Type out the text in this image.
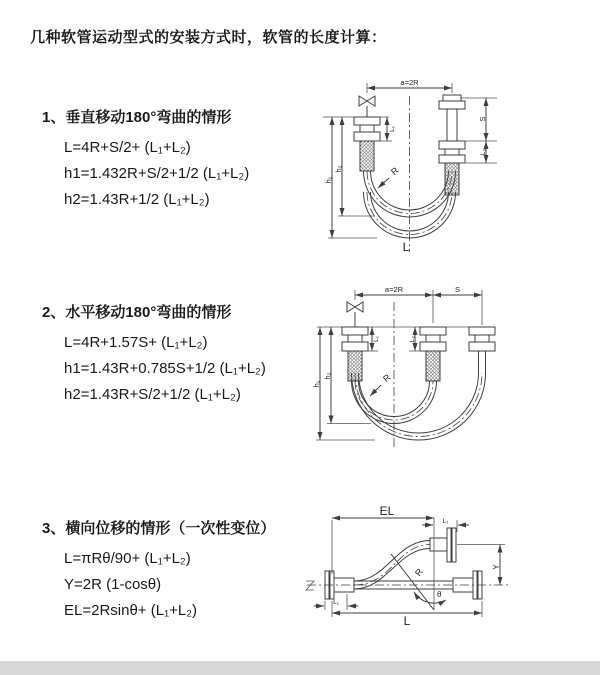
几种软管运动型式的安装方式时，软管的长度计算：
1、垂直移动180°弯曲的情形
L=4R+S/2+ (L₁+L₂)
h1=1.432R+S/2+1/2 (L₁+L₂)
h2=1.43R+1/2 (L₁+L₂)
2、水平移动180°弯曲的情形
L=4R+1.57S+ (L₁+L₂)
h1=1.43R+0.785S+1/2 (L₁+L₂)
h2=1.43R+S/2+1/2 (L₁+L₂)
3、横向位移的情形（一次性变位）
L=πRθ/90+ (L₁+L₂)
Y=2R (1-cosθ)
EL=2Rsinθ+ (L₁+L₂)
a=2R
S
L₂
L₁
h₁
h₂	R
L
a=2R	S
L₁	L₂
h₁
h₂	R
EL
L₁
Y
R
θ
L
L₁
